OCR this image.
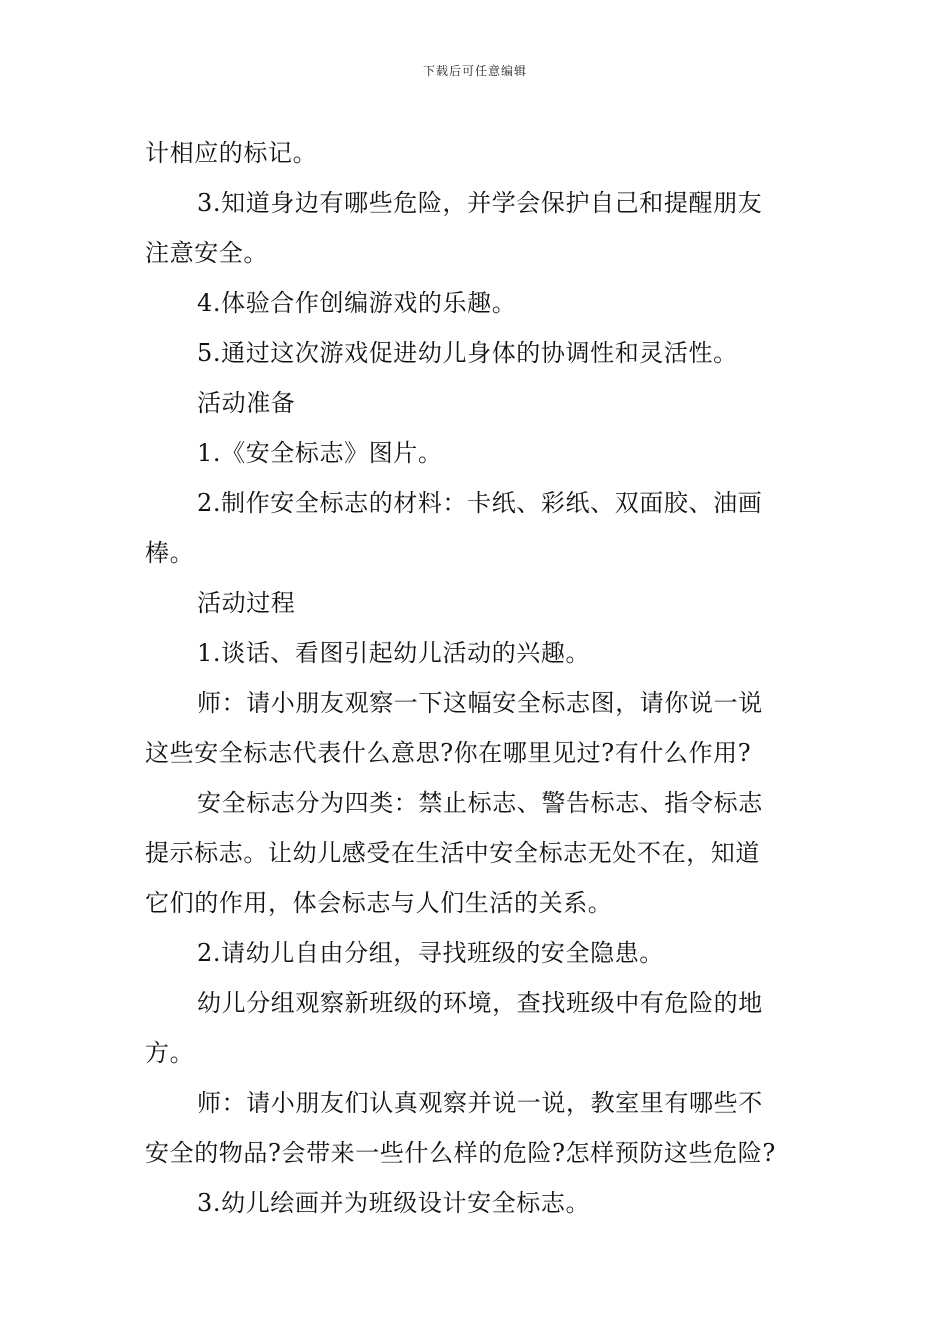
下载后可任意编辑
计相应的标记。
3.知道身边有哪些危险，并学会保护自己和提醒朋友
注意安全。
4.体验合作创编游戏的乐趣。
5.通过这次游戏促进幼儿身体的协调性和灵活性。
活动准备
1.《安全标志》图片。
2.制作安全标志的材料：卡纸、彩纸、双面胶、油画
棒。
活动过程
1.谈话、看图引起幼儿活动的兴趣。
师：请小朋友观察一下这幅安全标志图，请你说一说
这些安全标志代表什么意思?你在哪里见过?有什么作用?
安全标志分为四类：禁止标志、警告标志、指令标志
提示标志。让幼儿感受在生活中安全标志无处不在，知道
它们的作用，体会标志与人们生活的关系。
2.请幼儿自由分组，寻找班级的安全隐患。
幼儿分组观察新班级的环境，查找班级中有危险的地
方。
师：请小朋友们认真观察并说一说，教室里有哪些不
安全的物品?会带来一些什么样的危险?怎样预防这些危险?
3.幼儿绘画并为班级设计安全标志。
